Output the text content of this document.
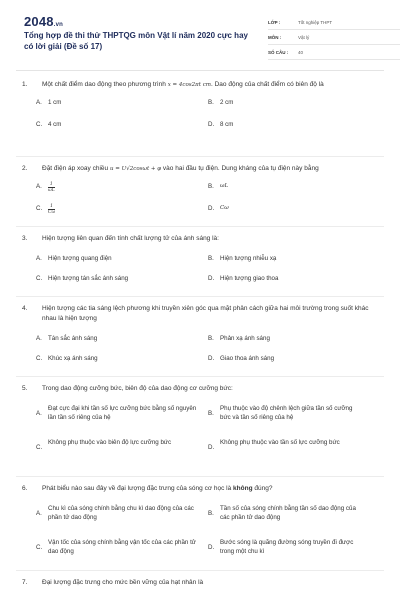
2048.vn
Tổng hợp đề thi thử THPTQG môn Vật lí năm 2020 cực hay có lời giải (Đề số 17)
LỚP :	Tốt nghiệp THPT
MÔN :	Vật lý
SỐ CÂU :	40
1.	Một chất điểm dao động theo phương trình x = 4cos2πt cm. Dao động của chất điểm có biên độ là
A. 1 cm	B. 2 cm
C. 4 cm	D. 8 cm
2.	Đặt điện áp xoay chiều u = U√2cosωt + φ vào hai đầu tụ điện. Dung kháng của tụ điện này bằng
A.	$\frac{1}{\omega L}$	B.	ωL
C.	$\frac{1}{C\omega}$	D.	Cω
3.	Hiện tượng liên quan đến tính chất lượng tử của ánh sáng là:
A. Hiện tượng quang điện	B. Hiện tượng nhiễu xạ
C. Hiện tượng tán sắc ánh sáng	D. Hiện tượng giao thoa
4.	Hiện tượng các tia sáng lệch phương khi truyền xiên góc qua mặt phân cách giữa hai môi trường trong suốt khác nhau là hiện tượng
A. Tán sắc ánh sáng	B. Phản xạ ánh sáng
C. Khúc xạ ánh sáng	D. Giao thoa ánh sáng
5.	Trong dao động cưỡng bức, biên độ của dao động cơ cưỡng bức:
A.
Đạt cực đại khi tần số lực cưỡng bức bằng số nguyên lần tần số riêng của hệ
B.
Phụ thuộc vào độ chênh lệch giữa tần số cưỡng bức và tần số riêng của hệ
C.
Không phụ thuộc vào biên độ lực cưỡng bức
D.
Không phụ thuộc vào tần số lực cưỡng bức
6.	Phát biểu nào sau đây về đại lượng đặc trưng của sóng cơ học là không đúng?
A.
Chu kì của sóng chính bằng chu kì dao động của các phần tử dao động
B.
Tần số của sóng chính bằng tần số dao động của các phần tử dao động
C.
Vận tốc của sóng chính bằng vận tốc của các phần tử dao động
D.
Bước sóng là quãng đường sóng truyền đi được trong một chu kì
7.	Đại lượng đặc trưng cho mức bền vững của hạt nhân là
